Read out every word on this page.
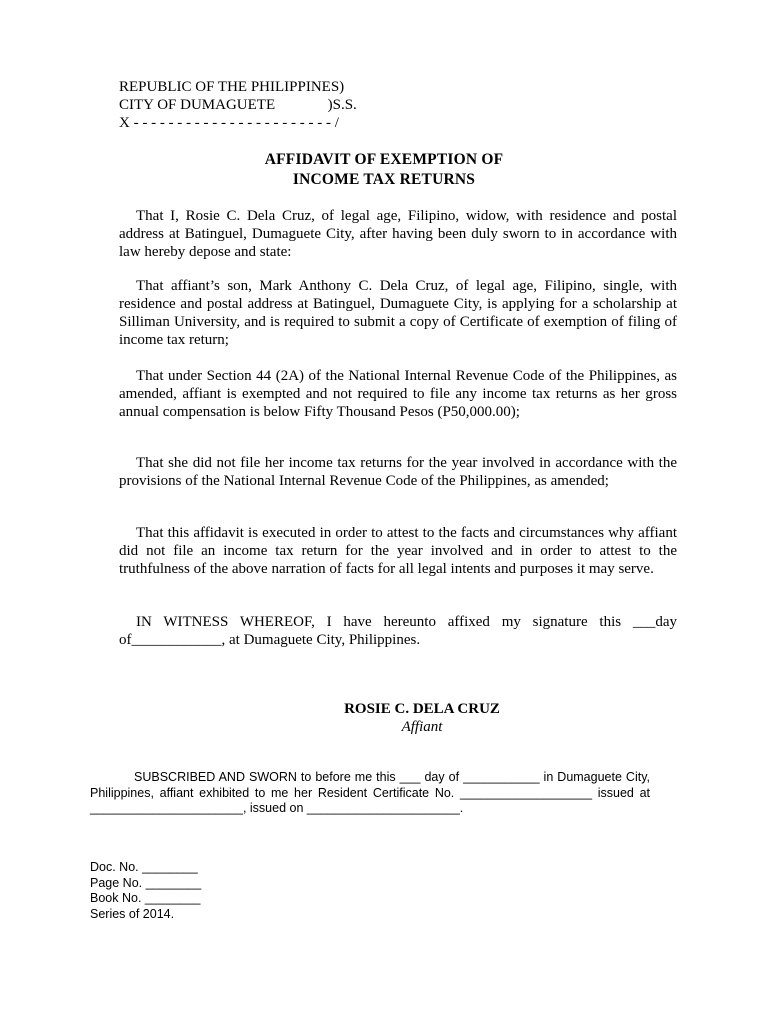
REPUBLIC OF THE PHILIPPINES)
CITY OF DUMAGUETE              )S.S.
X - - - - - - - - - - - - - - - - - - - - - - - /
AFFIDAVIT OF EXEMPTION OF
INCOME TAX RETURNS

That I, Rosie C. Dela Cruz, of legal age, Filipino, widow, with residence and postal address at Batinguel, Dumaguete City, after having been duly sworn to in accordance with law hereby depose and state:

That affiant’s son, Mark Anthony C. Dela Cruz, of legal age, Filipino, single, with residence and postal address at Batinguel, Dumaguete City, is applying for a scholarship at Silliman University, and is required to submit a copy of Certificate of exemption of filing of income tax return;

That under Section 44 (2A) of the National Internal Revenue Code of the Philippines, as amended, affiant is exempted and not required to file any income tax returns as her gross annual compensation is below Fifty Thousand Pesos (P50,000.00);

That she did not file her income tax returns for the year involved in accordance with the provisions of the National Internal Revenue Code of the Philippines, as amended;

That this affidavit is executed in order to attest to the facts and circumstances why affiant did not file an income tax return for the year involved and in order to attest to the truthfulness of the above narration of facts for all legal intents and purposes it may serve.

IN WITNESS WHEREOF, I have hereunto affixed my signature this ___day of____________, at Dumaguete City, Philippines.

ROSIE C. DELA CRUZ
Affiant

SUBSCRIBED AND SWORN to before me this ___ day of ___________ in Dumaguete City, Philippines, affiant exhibited to me her Resident Certificate No. ___________________ issued at ______________________, issued on ______________________.

Doc. No. ________
Page No. ________
Book No. ________
Series of 2014.
